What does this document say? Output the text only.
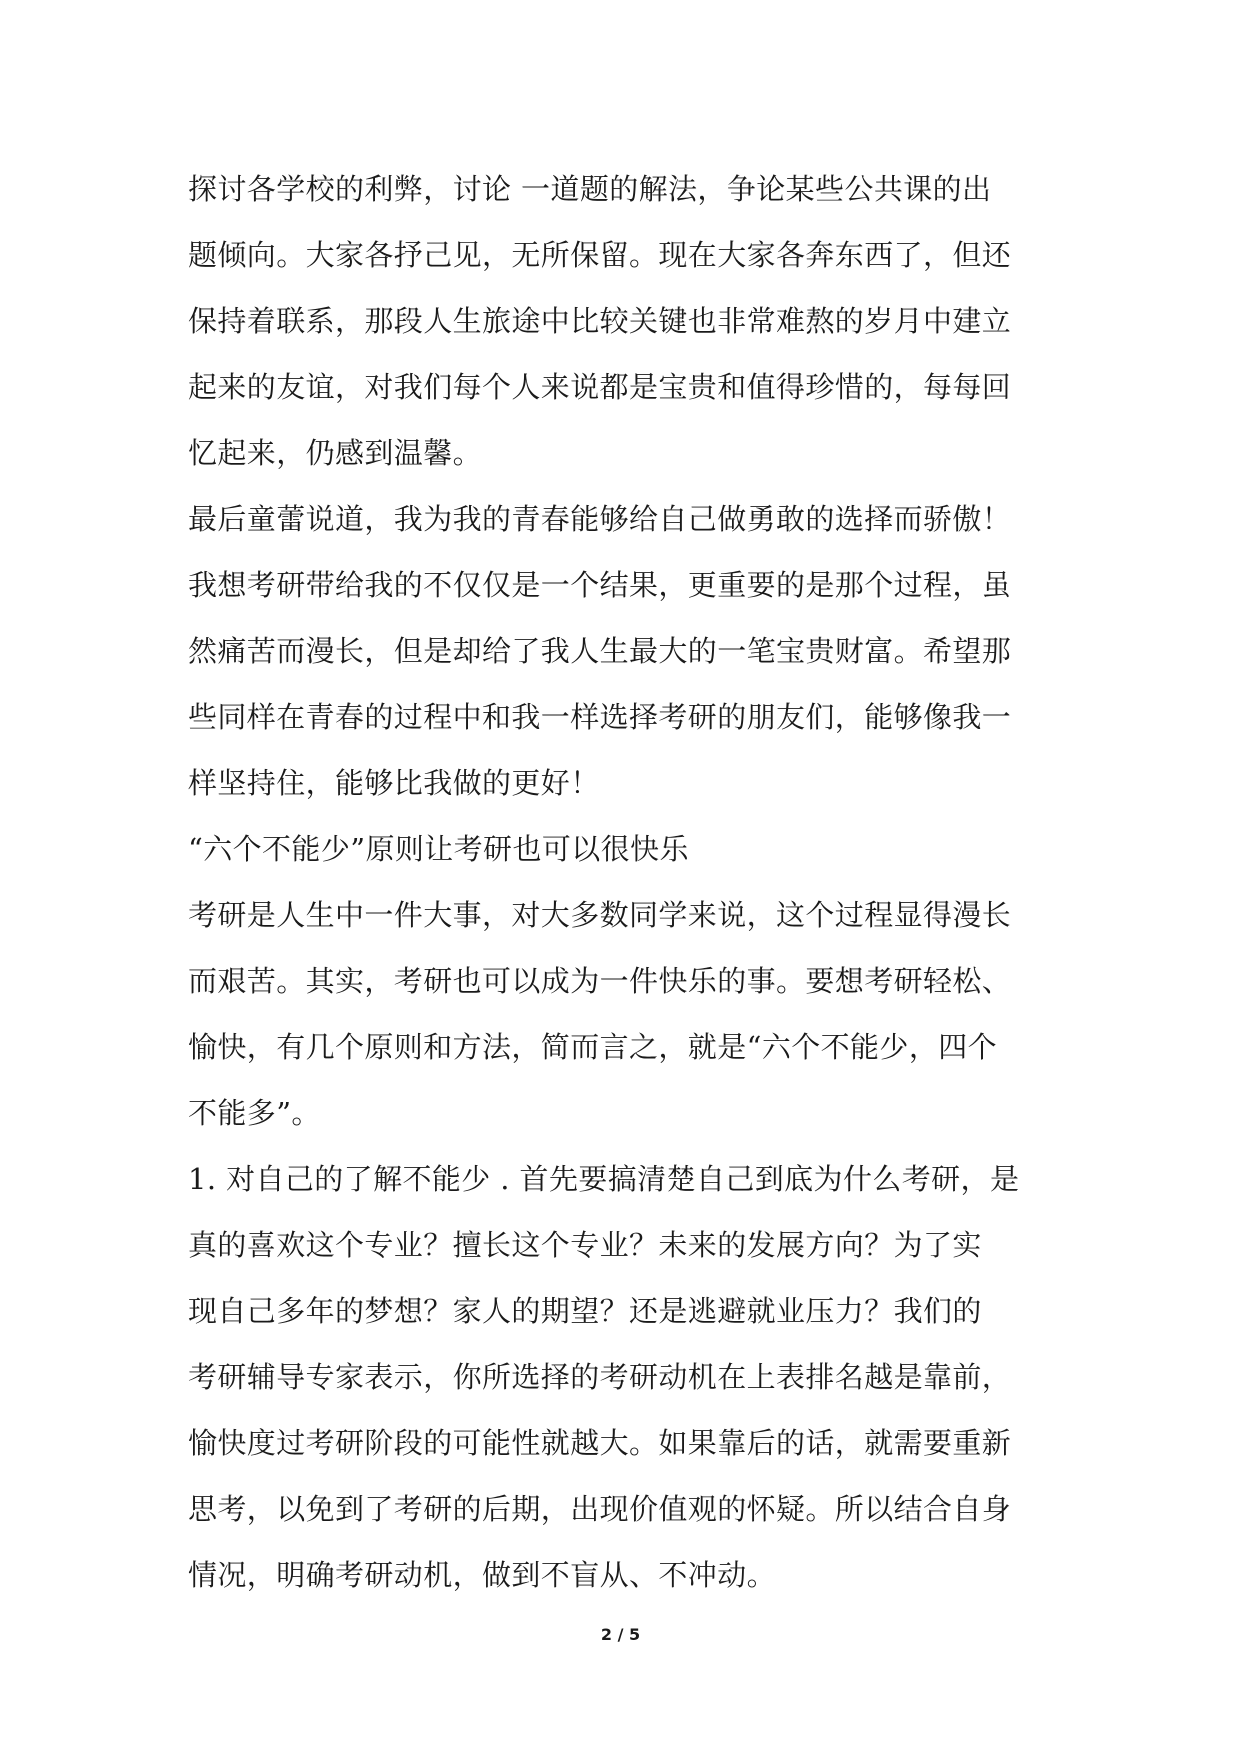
探讨各学校的利弊，讨论 一道题的解法，争论某些公共课的出
题倾向。大家各抒己见，无所保留。现在大家各奔东西了，但还
保持着联系，那段人生旅途中比较关键也非常难熬的岁月中建立
起来的友谊，对我们每个人来说都是宝贵和值得珍惜的，每每回
忆起来，仍感到温馨。
最后童蕾说道，我为我的青春能够给自己做勇敢的选择而骄傲！
我想考研带给我的不仅仅是一个结果，更重要的是那个过程，虽
然痛苦而漫长，但是却给了我人生最大的一笔宝贵财富。希望那
些同样在青春的过程中和我一样选择考研的朋友们，能够像我一
样坚持住，能够比我做的更好！
“六个不能少”原则让考研也可以很快乐
考研是人生中一件大事，对大多数同学来说，这个过程显得漫长
而艰苦。其实，考研也可以成为一件快乐的事。要想考研轻松、
愉快，有几个原则和方法，简而言之，就是“六个不能少，四个
不能多”。
1. 对自己的了解不能少 . 首先要搞清楚自己到底为什么考研，是
真的喜欢这个专业？擅长这个专业？未来的发展方向？为了实
现自己多年的梦想？家人的期望？还是逃避就业压力？我们的
考研辅导专家表示，你所选择的考研动机在上表排名越是靠前，
愉快度过考研阶段的可能性就越大。如果靠后的话，就需要重新
思考，以免到了考研的后期，出现价值观的怀疑。所以结合自身
情况，明确考研动机，做到不盲从、不冲动。
2 / 5
